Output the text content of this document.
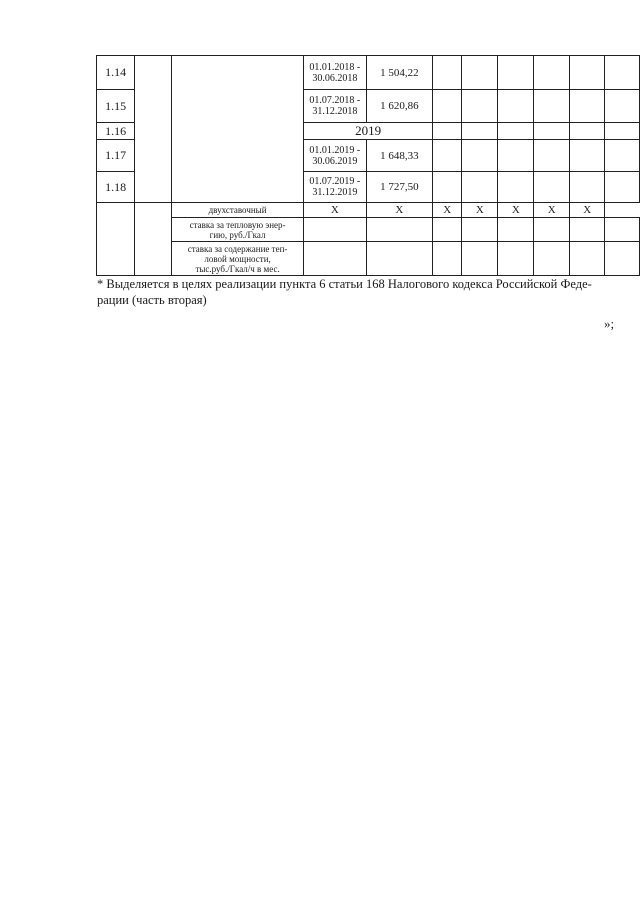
1.14			01.01.2018 -
30.06.2018	1 504,22						
1.15			01.07.2018 -
31.12.2018	1 620,86						
1.16			2019							
1.17			01.01.2019 -
30.06.2019	1 648,33						
1.18			01.07.2019 -
31.12.2019	1 727,50						
		двухставочный	Х	Х	Х	Х	Х	Х	Х	

		ставка за тепловую энер-
гию, руб./Гкал								

		ставка за содержание теп-
ловой мощности,
тыс.руб./Гкал/ч в мес.								

* Выделяется в целях реализации пункта 6 статьи 168 Налогового кодекса Российской Феде-
рации (часть вторая)

»;
